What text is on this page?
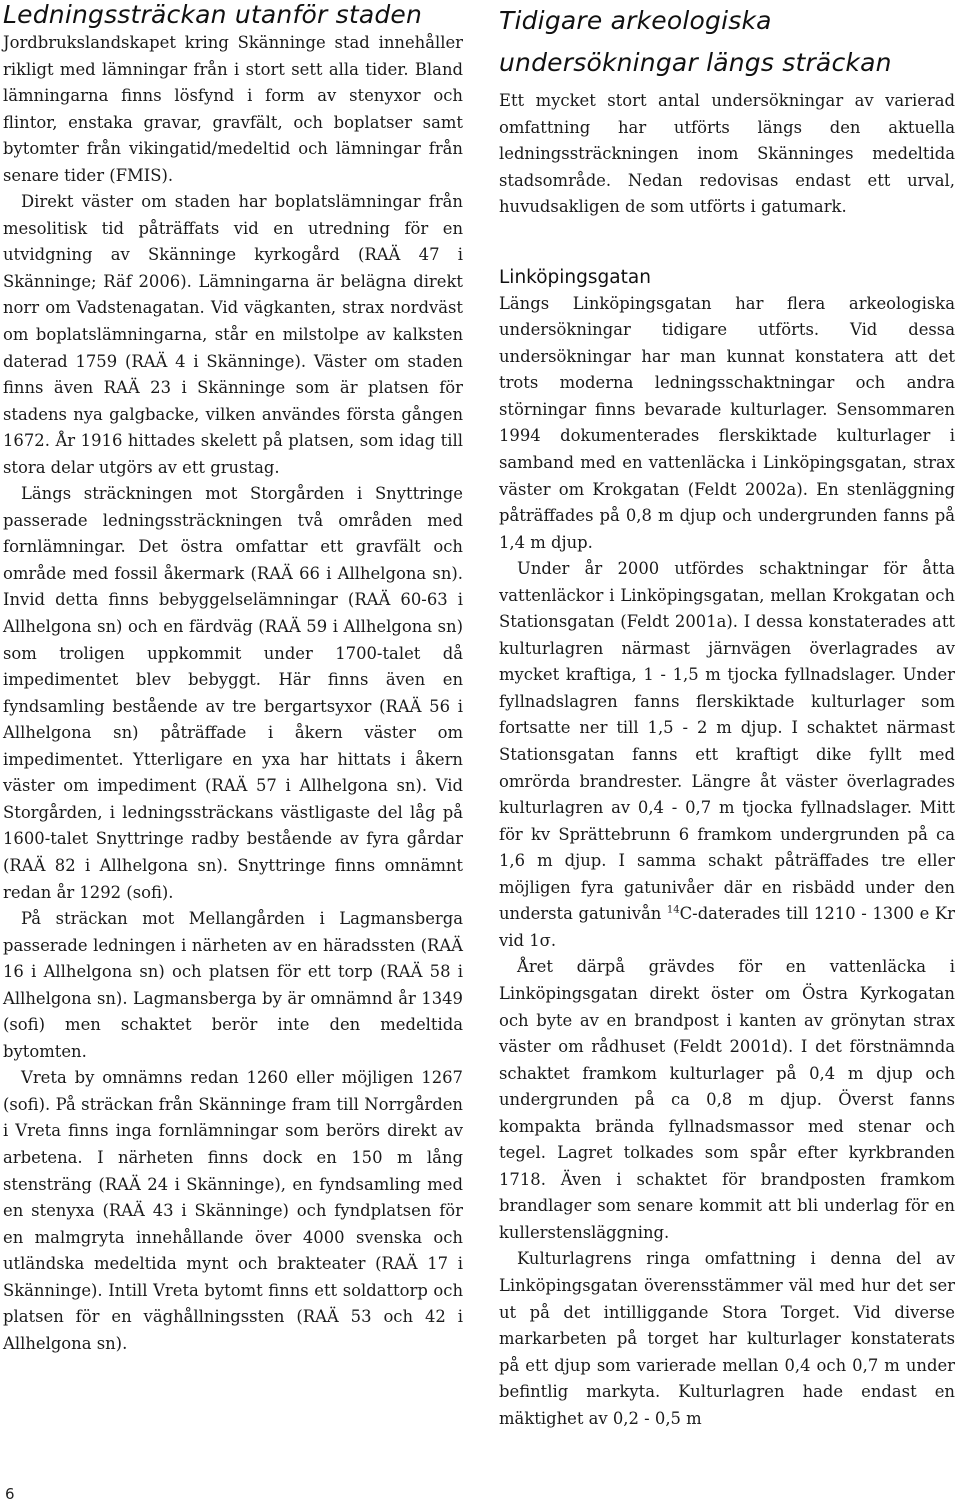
Ledningssträckan utanför staden

Jordbrukslandskapet kring Skänninge stad innehåller rikligt med lämningar från i stort sett alla tider. Bland lämningarna finns lösfynd i form av stenyxor och flintor, enstaka gravar, gravfält, och boplatser samt bytomter från vikingatid/medeltid och lämningar från senare tider (FMIS).

Direkt väster om staden har boplatslämningar från mesolitisk tid påträffats vid en utredning för en utvidgning av Skänninge kyrkogård (RAÄ 47 i Skänninge; Räf 2006). Lämningarna är belägna direkt norr om Vadstenagatan. Vid vägkanten, strax nordväst om boplatslämningarna, står en milstolpe av kalksten daterad 1759 (RAÄ 4 i Skänninge). Väster om staden finns även RAÄ 23 i Skänninge som är platsen för stadens nya galgbacke, vilken användes första gången 1672. År 1916 hittades skelett på platsen, som idag till stora delar utgörs av ett grustag.

Längs sträckningen mot Storgården i Snyttringe passerade ledningssträckningen två områden med fornlämningar. Det östra omfattar ett gravfält och område med fossil åkermark (RAÄ 66 i Allhelgona sn). Invid detta finns bebyggelselämningar (RAÄ 60-63 i Allhelgona sn) och en färdväg (RAÄ 59 i Allhelgona sn) som troligen uppkommit under 1700-talet då impedimentet blev bebyggt. Här finns även en fyndsamling bestående av tre bergartsyxor (RAÄ 56 i Allhelgona sn) påträffade i åkern väster om impedimentet. Ytterligare en yxa har hittats i åkern väster om impediment (RAÄ 57 i Allhelgona sn). Vid Storgården, i ledningssträckans västligaste del låg på 1600-talet Snyttringe radby bestående av fyra gårdar (RAÄ 82 i Allhelgona sn). Snyttringe finns omnämnt redan år 1292 (sofi).

På sträckan mot Mellangården i Lagmansberga passerade ledningen i närheten av en häradssten (RAÄ 16 i Allhelgona sn) och platsen för ett torp (RAÄ 58 i Allhelgona sn). Lagmansberga by är omnämnd år 1349 (sofi) men schaktet berör inte den medeltida bytomten.

Vreta by omnämns redan 1260 eller möjligen 1267 (sofi). På sträckan från Skänninge fram till Norrgården i Vreta finns inga fornlämningar som berörs direkt av arbetena. I närheten finns dock en 150 m lång stensträng (RAÄ 24 i Skänninge), en fyndsamling med en stenyxa (RAÄ 43 i Skänninge) och fyndplatsen för en malmgryta innehållande över 4000 svenska och utländska medeltida mynt och brakteater (RAÄ 17 i Skänninge). Intill Vreta bytomt finns ett soldattorp och platsen för en väghållningssten (RAÄ 53 och 42 i Allhelgona sn).

Tidigare arkeologiska undersökningar längs sträckan

Ett mycket stort antal undersökningar av varierad omfattning har utförts längs den aktuella ledningssträckningen inom Skänninges medeltida stadsområde. Nedan redovisas endast ett urval, huvudsakligen de som utförts i gatumark.

Linköpingsgatan

Längs Linköpingsgatan har flera arkeologiska undersökningar tidigare utförts. Vid dessa undersökningar har man kunnat konstatera att det trots moderna ledningsschaktningar och andra störningar finns bevarade kulturlager. Sensommaren 1994 dokumenterades flerskiktade kulturlager i samband med en vattenläcka i Linköpingsgatan, strax väster om Krokgatan (Feldt 2002a). En stenläggning påträffades på 0,8 m djup och undergrunden fanns på 1,4 m djup.

Under år 2000 utfördes schaktningar för åtta vattenläckor i Linköpingsgatan, mellan Krokgatan och Stationsgatan (Feldt 2001a). I dessa konstaterades att kulturlagren närmast järnvägen överlagrades av mycket kraftiga, 1 - 1,5 m tjocka fyllnadslager. Under fyllnadslagren fanns flerskiktade kulturlager som fortsatte ner till 1,5 - 2 m djup. I schaktet närmast Stationsgatan fanns ett kraftigt dike fyllt med omrörda brandrester. Längre åt väster överlagrades kulturlagren av 0,4 - 0,7 m tjocka fyllnadslager. Mitt för kv Sprättebrunn 6 framkom undergrunden på ca 1,6 m djup. I samma schakt påträffades tre eller möjligen fyra gatunivåer där en risbädd under den understa gatunivån $^{14}$C-daterades till 1210 - 1300 e Kr vid 1σ.

Året därpå grävdes för en vattenläcka i Linköpingsgatan direkt öster om Östra Kyrkogatan och byte av en brandpost i kanten av grönytan strax väster om rådhuset (Feldt 2001d). I det förstnämnda schaktet framkom kulturlager på 0,4 m djup och undergrunden på ca 0,8 m djup. Överst fanns kompakta brända fyllnadsmassor med stenar och tegel. Lagret tolkades som spår efter kyrkbranden 1718. Även i schaktet för brandposten framkom brandlager som senare kommit att bli underlag för en kullerstensläggning.

Kulturlagrens ringa omfattning i denna del av Linköpingsgatan överensstämmer väl med hur det ser ut på det intilliggande Stora Torget. Vid diverse markarbeten på torget har kulturlager konstaterats på ett djup som varierade mellan 0,4 och 0,7 m under befintlig markyta. Kulturlagren hade endast en mäktighet av 0,2 - 0,5 m

6
